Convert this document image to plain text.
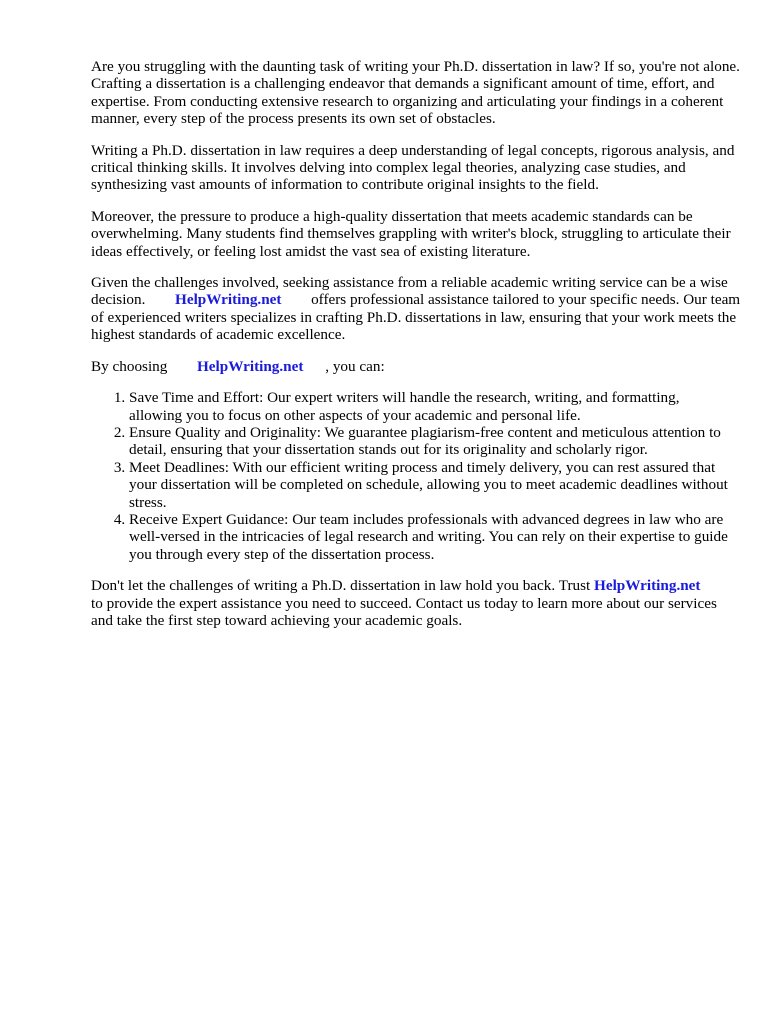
Are you struggling with the daunting task of writing your Ph.D. dissertation in law? If so, you're not alone. Crafting a dissertation is a challenging endeavor that demands a significant amount of time, effort, and expertise. From conducting extensive research to organizing and articulating your findings in a coherent manner, every step of the process presents its own set of obstacles.

Writing a Ph.D. dissertation in law requires a deep understanding of legal concepts, rigorous analysis, and critical thinking skills. It involves delving into complex legal theories, analyzing case studies, and synthesizing vast amounts of information to contribute original insights to the field.

Moreover, the pressure to produce a high-quality dissertation that meets academic standards can be overwhelming. Many students find themselves grappling with writer's block, struggling to articulate their ideas effectively, or feeling lost amidst the vast sea of existing literature.

Given the challenges involved, seeking assistance from a reliable academic writing service can be a wise decision. HelpWriting.net offers professional assistance tailored to your specific needs. Our team of experienced writers specializes in crafting Ph.D. dissertations in law, ensuring that your work meets the highest standards of academic excellence.

By choosing HelpWriting.net , you can:

1. Save Time and Effort: Our expert writers will handle the research, writing, and formatting, allowing you to focus on other aspects of your academic and personal life.
2. Ensure Quality and Originality: We guarantee plagiarism-free content and meticulous attention to detail, ensuring that your dissertation stands out for its originality and scholarly rigor.
3. Meet Deadlines: With our efficient writing process and timely delivery, you can rest assured that your dissertation will be completed on schedule, allowing you to meet academic deadlines without stress.
4. Receive Expert Guidance: Our team includes professionals with advanced degrees in law who are well-versed in the intricacies of legal research and writing. You can rely on their expertise to guide you through every step of the dissertation process.

Don't let the challenges of writing a Ph.D. dissertation in law hold you back. Trust HelpWriting.net  to provide the expert assistance you need to succeed. Contact us today to learn more about our services and take the first step toward achieving your academic goals.
